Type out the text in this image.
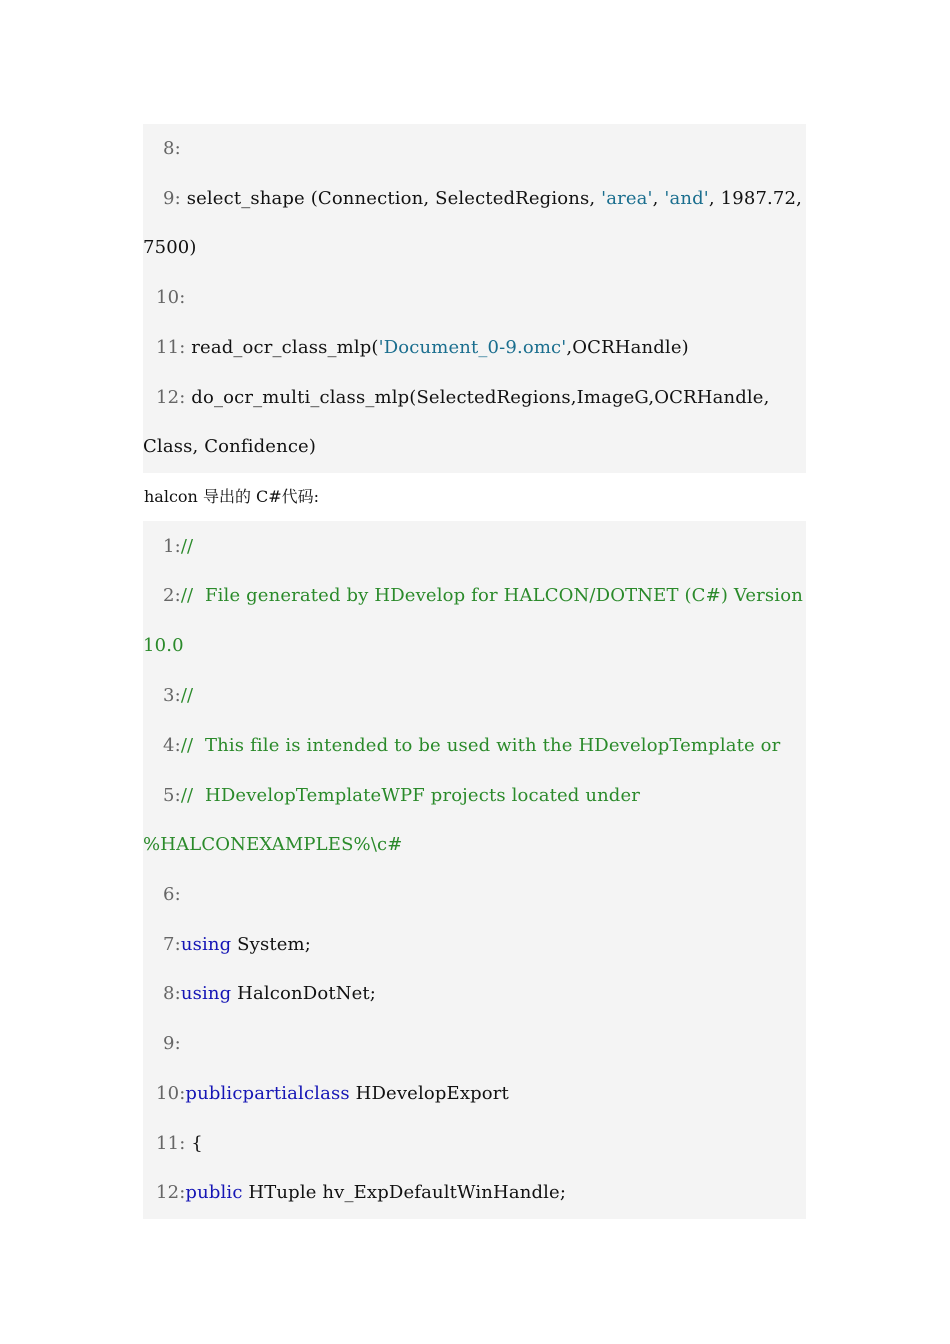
8:
9: select_shape (Connection, SelectedRegions, 'area', 'and', 1987.72,
7500)
10:
11: read_ocr_class_mlp('Document_0-9.omc',OCRHandle)
12: do_ocr_multi_class_mlp(SelectedRegions,ImageG,OCRHandle,
Class, Confidence)
halcon 导出的 C#代码:
1://
2://  File generated by HDevelop for HALCON/DOTNET (C#) Version
10.0
3://
4://  This file is intended to be used with the HDevelopTemplate or
5://  HDevelopTemplateWPF projects located under
%HALCONEXAMPLES%\c#
6:
7:using System;
8:using HalconDotNet;
9:
10:publicpartialclass HDevelopExport
11: {
12:public HTuple hv_ExpDefaultWinHandle;
